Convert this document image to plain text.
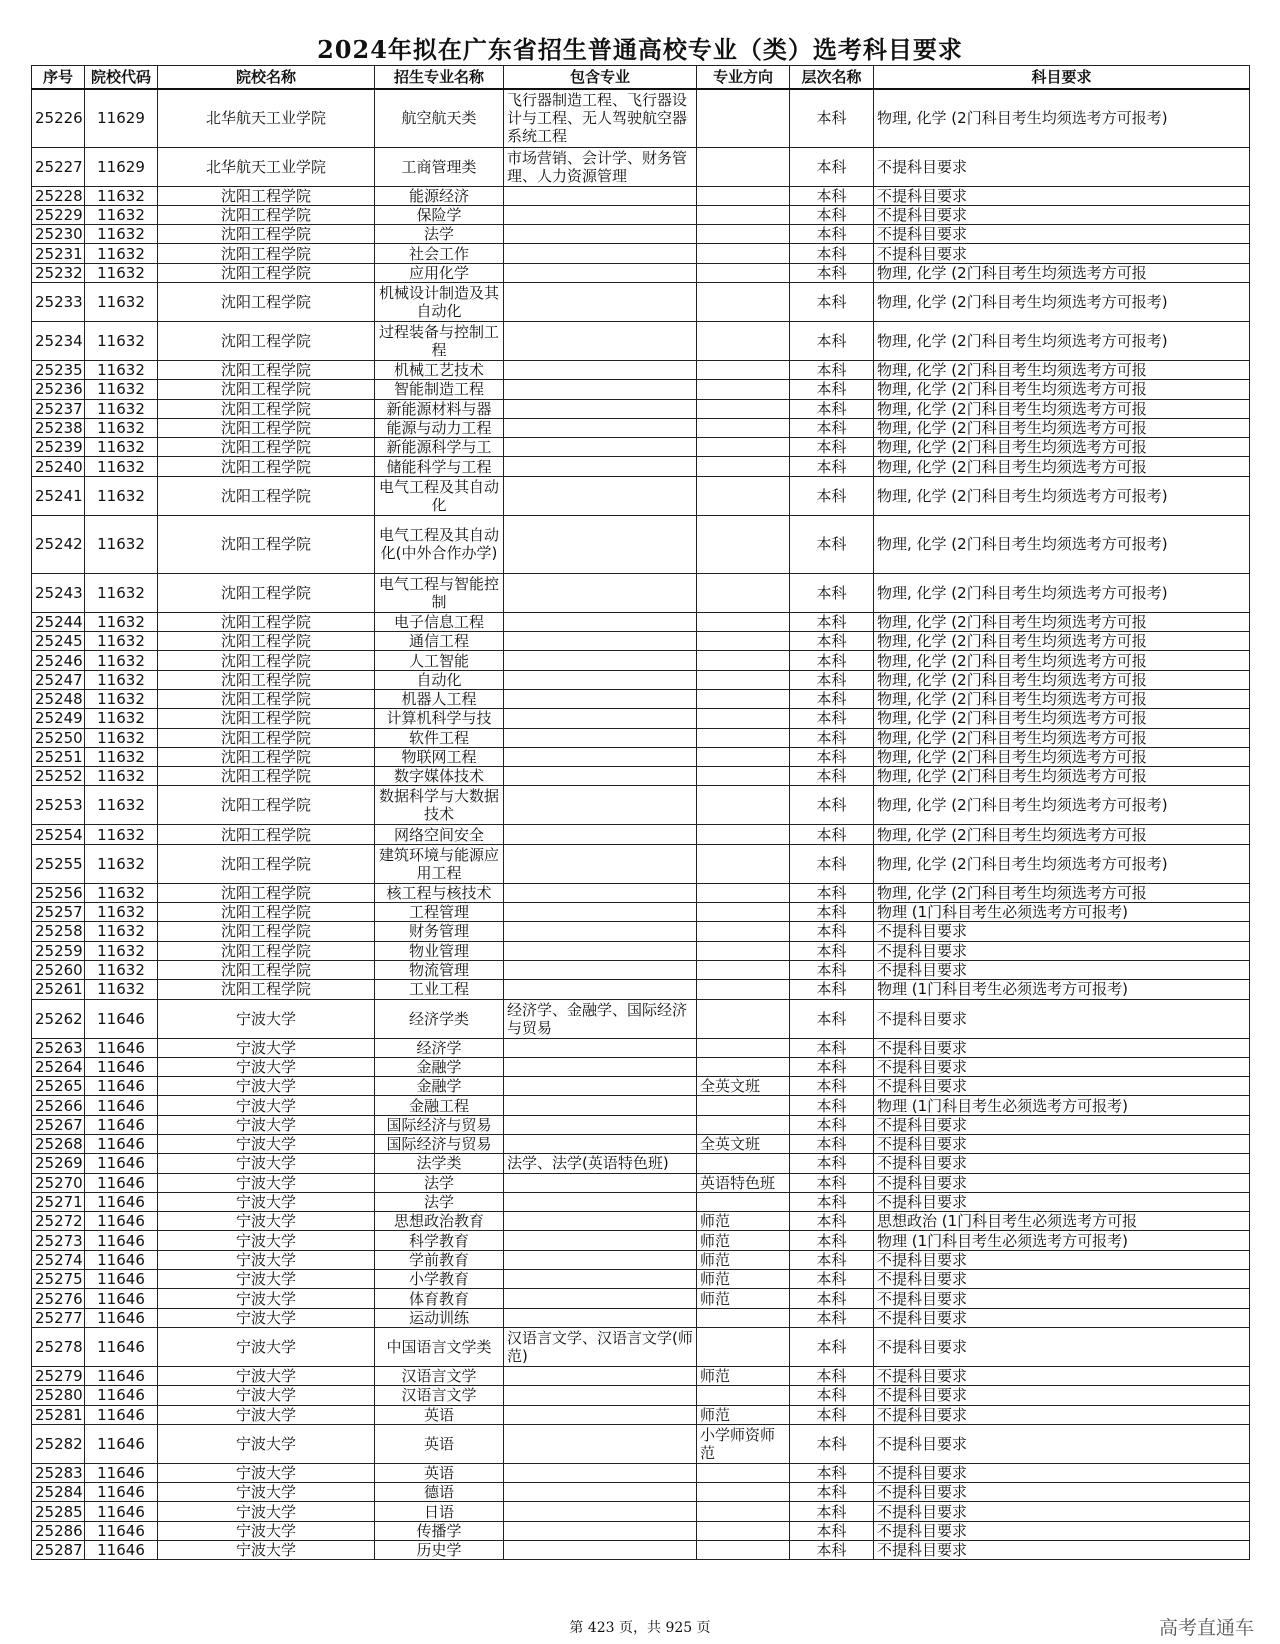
2024年拟在广东省招生普通高校专业（类）选考科目要求
序号	院校代码	院校名称	招生专业名称	包含专业	专业方向	层次名称	科目要求
25226	11629	北华航天工业学院	航空航天类	飞行器制造工程、飞行器设计与工程、无人驾驶航空器系统工程		本科	物理, 化学 (2门科目考生均须选考方可报考)
25227	11629	北华航天工业学院	工商管理类	市场营销、会计学、财务管理、人力资源管理		本科	不提科目要求
25228	11632	沈阳工程学院	能源经济			本科	不提科目要求
25229	11632	沈阳工程学院	保险学			本科	不提科目要求
25230	11632	沈阳工程学院	法学			本科	不提科目要求
25231	11632	沈阳工程学院	社会工作			本科	不提科目要求
25232	11632	沈阳工程学院	应用化学			本科	物理, 化学 (2门科目考生均须选考方可报
25233	11632	沈阳工程学院	机械设计制造及其自动化			本科	物理, 化学 (2门科目考生均须选考方可报考)
25234	11632	沈阳工程学院	过程装备与控制工程			本科	物理, 化学 (2门科目考生均须选考方可报考)
25235	11632	沈阳工程学院	机械工艺技术			本科	物理, 化学 (2门科目考生均须选考方可报
25236	11632	沈阳工程学院	智能制造工程			本科	物理, 化学 (2门科目考生均须选考方可报
25237	11632	沈阳工程学院	新能源材料与器			本科	物理, 化学 (2门科目考生均须选考方可报
25238	11632	沈阳工程学院	能源与动力工程			本科	物理, 化学 (2门科目考生均须选考方可报
25239	11632	沈阳工程学院	新能源科学与工			本科	物理, 化学 (2门科目考生均须选考方可报
25240	11632	沈阳工程学院	储能科学与工程			本科	物理, 化学 (2门科目考生均须选考方可报
25241	11632	沈阳工程学院	电气工程及其自动化			本科	物理, 化学 (2门科目考生均须选考方可报考)
25242	11632	沈阳工程学院	电气工程及其自动化(中外合作办学)			本科	物理, 化学 (2门科目考生均须选考方可报考)
25243	11632	沈阳工程学院	电气工程与智能控制			本科	物理, 化学 (2门科目考生均须选考方可报考)
25244	11632	沈阳工程学院	电子信息工程			本科	物理, 化学 (2门科目考生均须选考方可报
25245	11632	沈阳工程学院	通信工程			本科	物理, 化学 (2门科目考生均须选考方可报
25246	11632	沈阳工程学院	人工智能			本科	物理, 化学 (2门科目考生均须选考方可报
25247	11632	沈阳工程学院	自动化			本科	物理, 化学 (2门科目考生均须选考方可报
25248	11632	沈阳工程学院	机器人工程			本科	物理, 化学 (2门科目考生均须选考方可报
25249	11632	沈阳工程学院	计算机科学与技			本科	物理, 化学 (2门科目考生均须选考方可报
25250	11632	沈阳工程学院	软件工程			本科	物理, 化学 (2门科目考生均须选考方可报
25251	11632	沈阳工程学院	物联网工程			本科	物理, 化学 (2门科目考生均须选考方可报
25252	11632	沈阳工程学院	数字媒体技术			本科	物理, 化学 (2门科目考生均须选考方可报
25253	11632	沈阳工程学院	数据科学与大数据技术			本科	物理, 化学 (2门科目考生均须选考方可报考)
25254	11632	沈阳工程学院	网络空间安全			本科	物理, 化学 (2门科目考生均须选考方可报
25255	11632	沈阳工程学院	建筑环境与能源应用工程			本科	物理, 化学 (2门科目考生均须选考方可报考)
25256	11632	沈阳工程学院	核工程与核技术			本科	物理, 化学 (2门科目考生均须选考方可报
25257	11632	沈阳工程学院	工程管理			本科	物理 (1门科目考生必须选考方可报考)
25258	11632	沈阳工程学院	财务管理			本科	不提科目要求
25259	11632	沈阳工程学院	物业管理			本科	不提科目要求
25260	11632	沈阳工程学院	物流管理			本科	不提科目要求
25261	11632	沈阳工程学院	工业工程			本科	物理 (1门科目考生必须选考方可报考)
25262	11646	宁波大学	经济学类	经济学、金融学、国际经济与贸易		本科	不提科目要求
25263	11646	宁波大学	经济学			本科	不提科目要求
25264	11646	宁波大学	金融学			本科	不提科目要求
25265	11646	宁波大学	金融学		全英文班	本科	不提科目要求
25266	11646	宁波大学	金融工程			本科	物理 (1门科目考生必须选考方可报考)
25267	11646	宁波大学	国际经济与贸易			本科	不提科目要求
25268	11646	宁波大学	国际经济与贸易		全英文班	本科	不提科目要求
25269	11646	宁波大学	法学类	法学、法学(英语特色班)		本科	不提科目要求
25270	11646	宁波大学	法学		英语特色班	本科	不提科目要求
25271	11646	宁波大学	法学			本科	不提科目要求
25272	11646	宁波大学	思想政治教育		师范	本科	思想政治 (1门科目考生必须选考方可报
25273	11646	宁波大学	科学教育		师范	本科	物理 (1门科目考生必须选考方可报考)
25274	11646	宁波大学	学前教育		师范	本科	不提科目要求
25275	11646	宁波大学	小学教育		师范	本科	不提科目要求
25276	11646	宁波大学	体育教育		师范	本科	不提科目要求
25277	11646	宁波大学	运动训练			本科	不提科目要求
25278	11646	宁波大学	中国语言文学类	汉语言文学、汉语言文学(师范)		本科	不提科目要求
25279	11646	宁波大学	汉语言文学		师范	本科	不提科目要求
25280	11646	宁波大学	汉语言文学			本科	不提科目要求
25281	11646	宁波大学	英语		师范	本科	不提科目要求
25282	11646	宁波大学	英语		小学师资师范	本科	不提科目要求
25283	11646	宁波大学	英语			本科	不提科目要求
25284	11646	宁波大学	德语			本科	不提科目要求
25285	11646	宁波大学	日语			本科	不提科目要求
25286	11646	宁波大学	传播学			本科	不提科目要求
25287	11646	宁波大学	历史学			本科	不提科目要求
第 423 页，共 925 页	高考直通车
